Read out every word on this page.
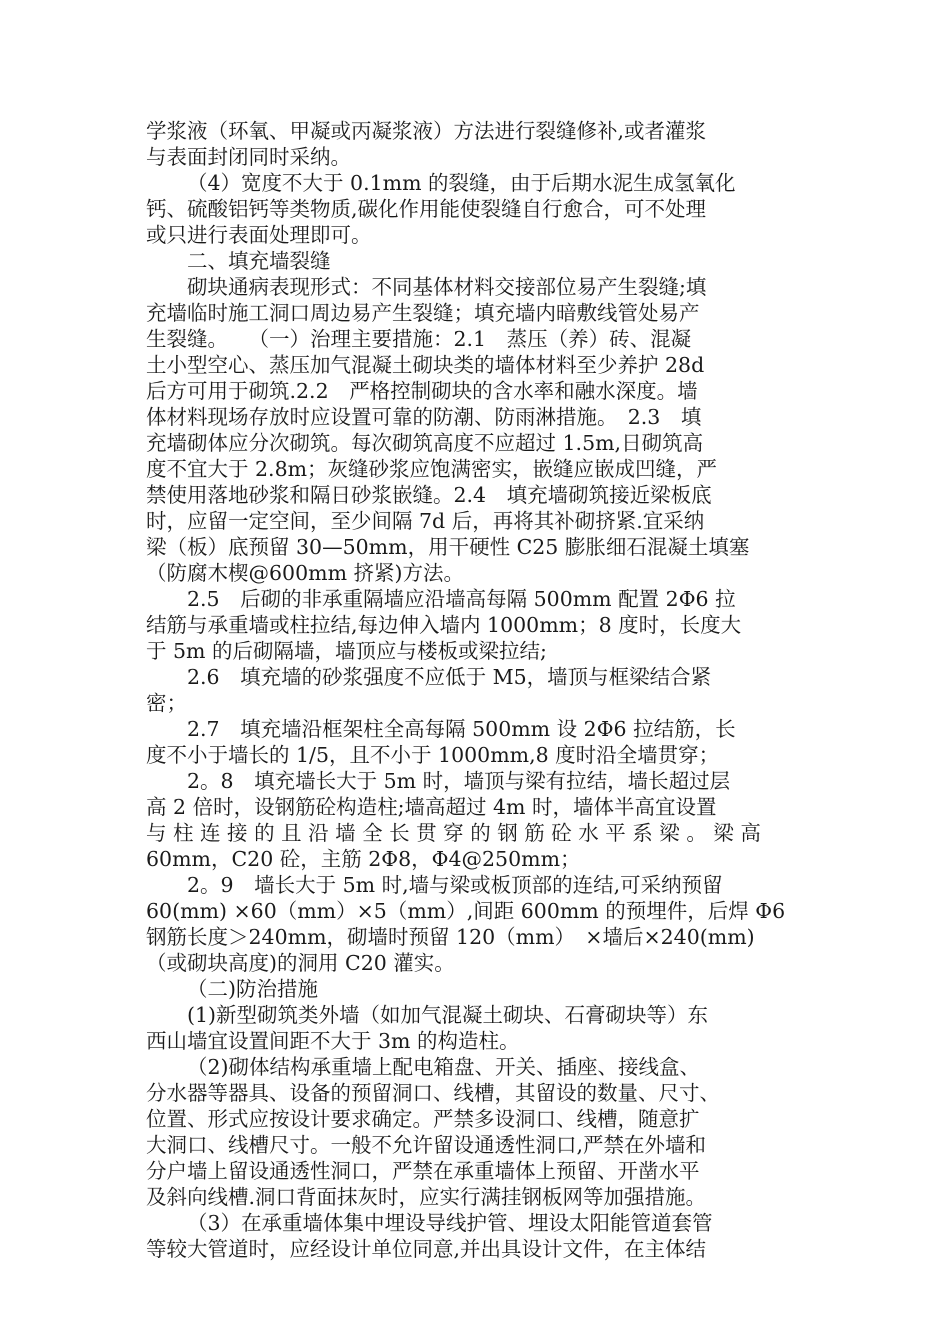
学浆液（环氧、甲凝或丙凝浆液）方法进行裂缝修补,或者灌浆
与表面封闭同时采纳。
（4）宽度不大于 0.1mm 的裂缝，由于后期水泥生成氢氧化
钙、硫酸铝钙等类物质,碳化作用能使裂缝自行愈合，可不处理
或只进行表面处理即可。
二、填充墙裂缝
砌块通病表现形式：不同基体材料交接部位易产生裂缝;填
充墙临时施工洞口周边易产生裂缝；填充墙内暗敷线管处易产
生裂缝。　　（一）治理主要措施：2.1　蒸压（养）砖、混凝
土小型空心、蒸压加气混凝土砌块类的墙体材料至少养护 28d
后方可用于砌筑.2.2　严格控制砌块的含水率和融水深度。墙
体材料现场存放时应设置可靠的防潮、防雨淋措施。　2.3　填
充墙砌体应分次砌筑。每次砌筑高度不应超过 1.5m,日砌筑高
度不宜大于 2.8m；灰缝砂浆应饱满密实，嵌缝应嵌成凹缝，严
禁使用落地砂浆和隔日砂浆嵌缝。2.4　填充墙砌筑接近梁板底
时，应留一定空间，至少间隔 7d 后，再将其补砌挤紧.宜采纳
梁（板）底预留 30—50mm，用干硬性 C25 膨胀细石混凝土填塞
（防腐木楔@600mm 挤紧)方法。
2.5　后砌的非承重隔墙应沿墙高每隔 500mm 配置 2Φ6 拉
结筋与承重墙或柱拉结,每边伸入墙内 1000mm；8 度时，长度大
于 5m 的后砌隔墙，墙顶应与楼板或梁拉结;
2.6　填充墙的砂浆强度不应低于 M5，墙顶与框梁结合紧
密；
2.7　填充墙沿框架柱全高每隔 500mm 设 2Φ6 拉结筋，长
度不小于墙长的 1/5，且不小于 1000mm,8 度时沿全墙贯穿；
2。8　填充墙长大于 5m 时，墙顶与梁有拉结，墙长超过层
高 2 倍时，设钢筋砼构造柱;墙高超过 4m 时，墙体半高宜设置
与 柱 连 接 的 且 沿 墙 全 长 贯 穿 的 钢 筋 砼 水 平 系 梁 。 梁 高
60mm，C20 砼，主筋 2Φ8，Φ4@250mm；
2。9　墙长大于 5m 时,墙与梁或板顶部的连结,可采纳预留
60(mm) ×60（mm）×5（mm）,间距 600mm 的预埋件，后焊 Φ6
钢筋长度＞240mm，砌墙时预留 120（mm）　×墙后×240(mm)
（或砌块高度)的洞用 C20 灌实。
（二)防治措施
(1)新型砌筑类外墙（如加气混凝土砌块、石膏砌块等）东
西山墙宜设置间距不大于 3m 的构造柱。
（2)砌体结构承重墙上配电箱盘、开关、插座、接线盒、
分水器等器具、设备的预留洞口、线槽，其留设的数量、尺寸、
位置、形式应按设计要求确定。严禁多设洞口、线槽，随意扩
大洞口、线槽尺寸。一般不允许留设通透性洞口,严禁在外墙和
分户墙上留设通透性洞口，严禁在承重墙体上预留、开凿水平
及斜向线槽.洞口背面抹灰时，应实行满挂钢板网等加强措施。
（3）在承重墙体集中埋设导线护管、埋设太阳能管道套管
等较大管道时，应经设计单位同意,并出具设计文件，在主体结
